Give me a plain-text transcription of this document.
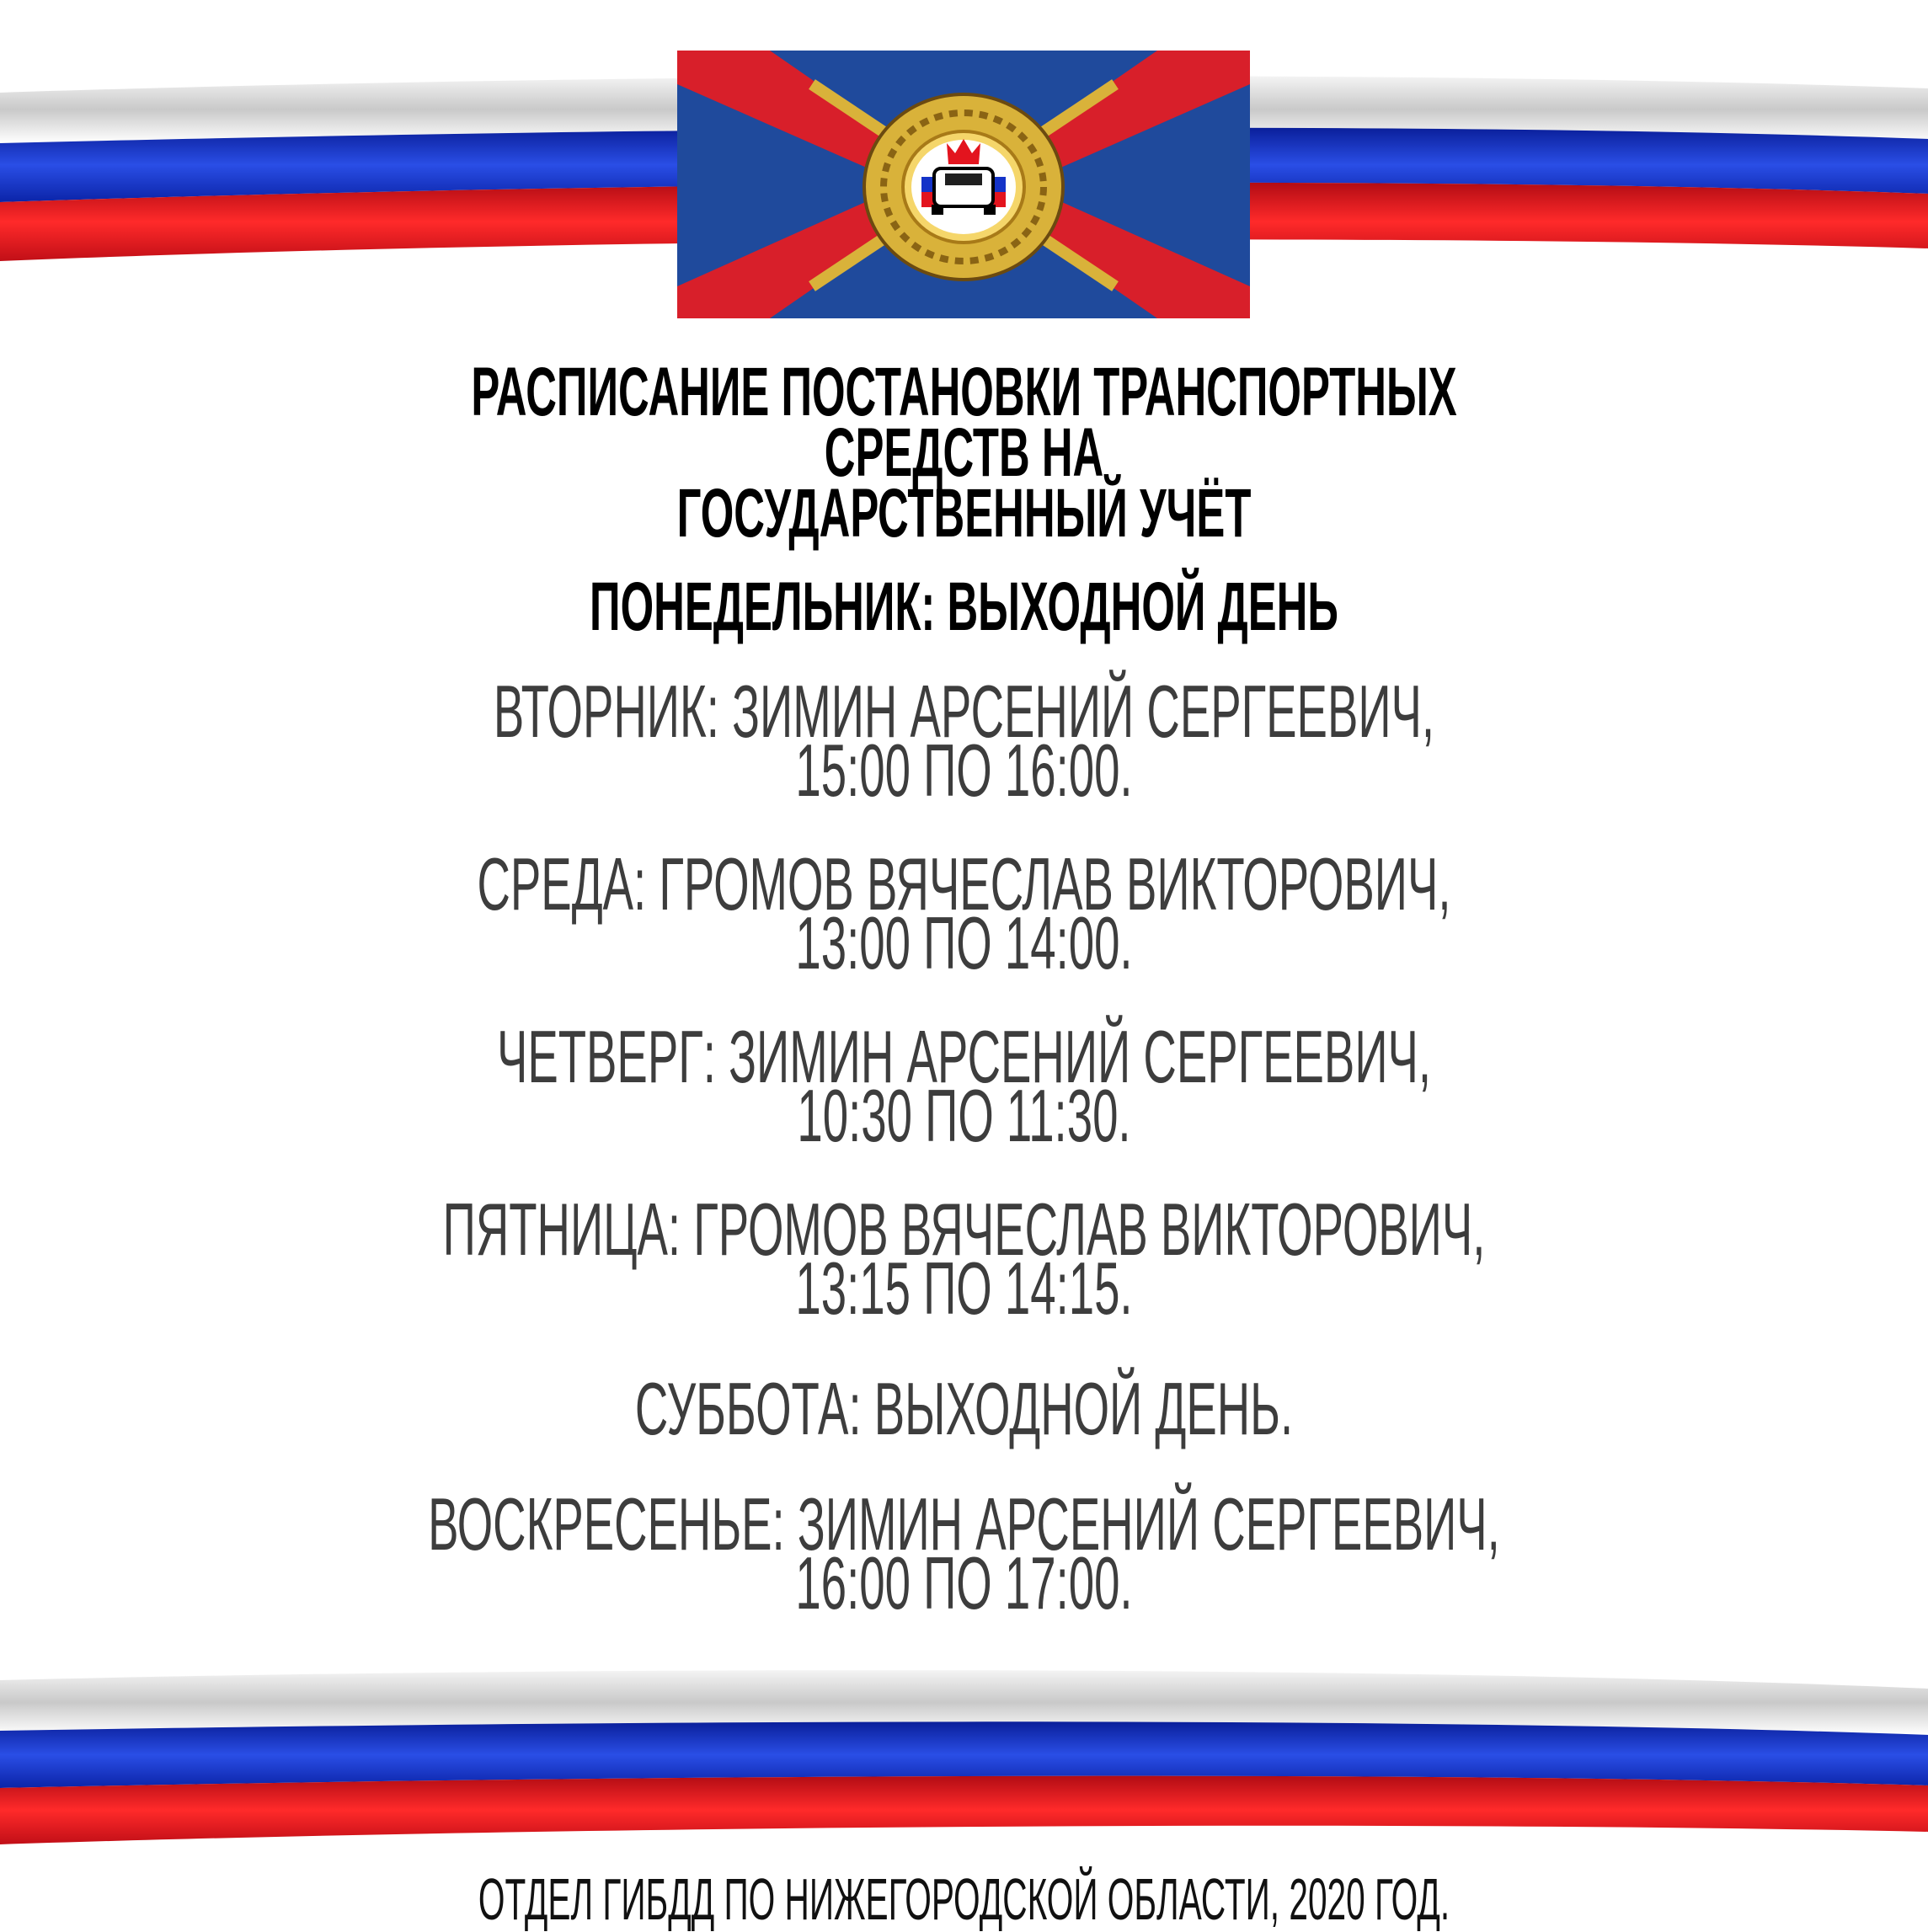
РАСПИСАНИЕ ПОСТАНОВКИ ТРАНСПОРТНЫХ СРЕДСТВ НА
ГОСУДАРСТВЕННЫЙ УЧЁТ
ПОНЕДЕЛЬНИК: ВЫХОДНОЙ ДЕНЬ
ВТОРНИК: ЗИМИН АРСЕНИЙ СЕРГЕЕВИЧ,
15:00 ПО 16:00.
СРЕДА: ГРОМОВ ВЯЧЕСЛАВ ВИКТОРОВИЧ,
13:00 ПО 14:00.
ЧЕТВЕРГ: ЗИМИН АРСЕНИЙ СЕРГЕЕВИЧ,
10:30 ПО 11:30.
ПЯТНИЦА: ГРОМОВ ВЯЧЕСЛАВ ВИКТОРОВИЧ,
13:15 ПО 14:15.
СУББОТА: ВЫХОДНОЙ ДЕНЬ.
ВОСКРЕСЕНЬЕ: ЗИМИН АРСЕНИЙ СЕРГЕЕВИЧ,
16:00 ПО 17:00.
ОТДЕЛ ГИБДД ПО НИЖЕГОРОДСКОЙ ОБЛАСТИ, 2020 ГОД.
